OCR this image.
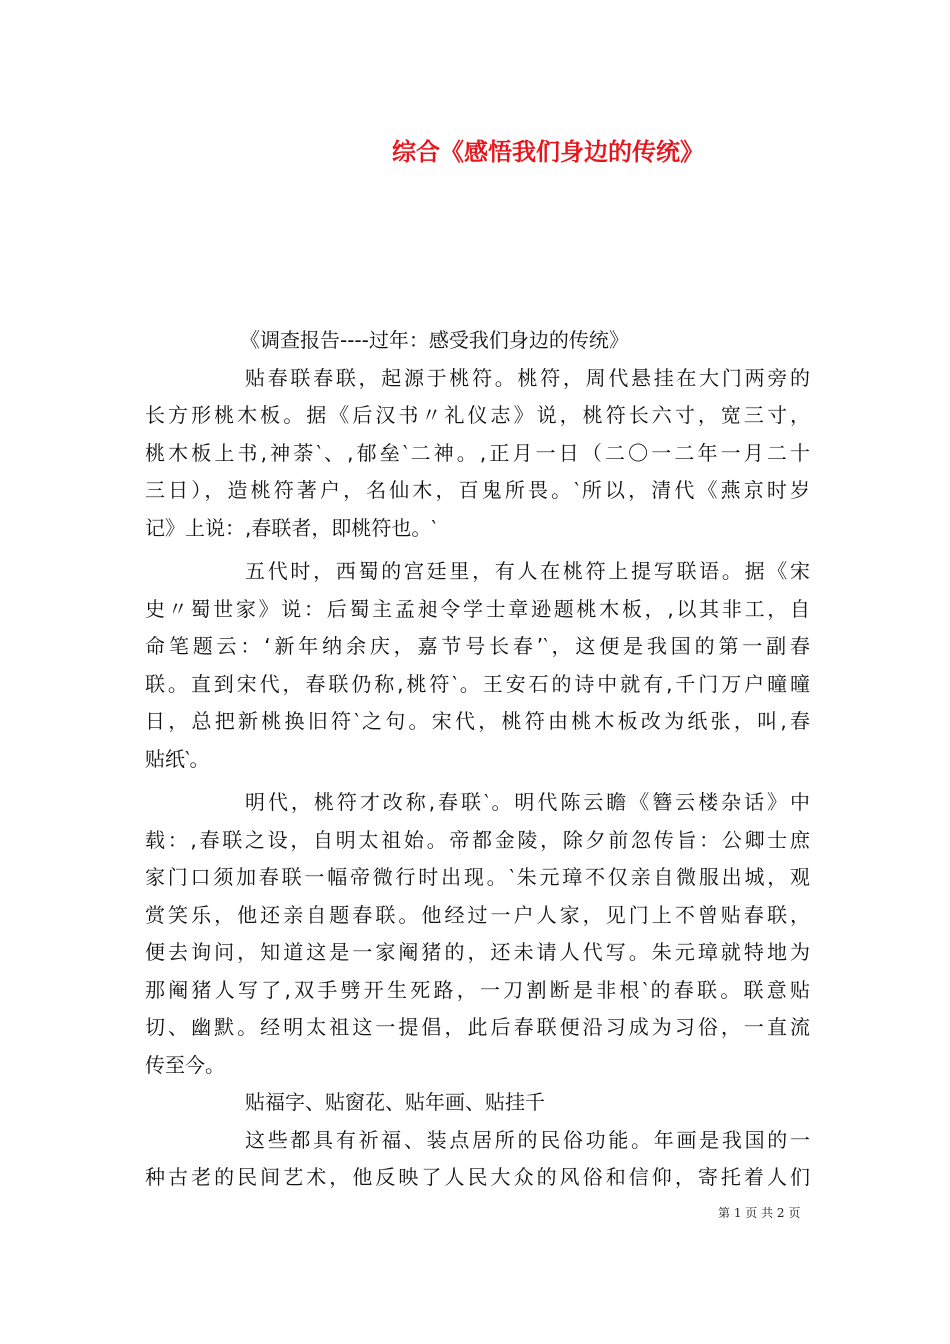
综合《感悟我们身边的传统》
《调查报告----过年：感受我们身边的传统》
贴春联春联，起源于桃符。桃符，周代悬挂在大门两旁的
长方形桃木板。据《后汉书〃礼仪志》说，桃符长六寸，宽三寸，
桃木板上书,神荼‵、,郁垒‵二神。,正月一日（二〇一二年一月二十
三日），造桃符著户，名仙木，百鬼所畏。‵所以，清代《燕京时岁
记》上说：,春联者，即桃符也。‵
五代时，西蜀的宫廷里，有人在桃符上提写联语。据《宋
史〃蜀世家》说：后蜀主孟昶令学士章逊题桃木板，,以其非工，自
命笔题云：‘新年纳余庆，嘉节号长春’‵，这便是我国的第一副春
联。直到宋代，春联仍称,桃符‵。王安石的诗中就有,千门万户曈曈
日，总把新桃换旧符‵之句。宋代，桃符由桃木板改为纸张，叫,春
贴纸‵。
明代，桃符才改称,春联‵。明代陈云瞻《簪云楼杂话》中
载：,春联之设，自明太祖始。帝都金陵，除夕前忽传旨：公卿士庶
家门口须加春联一幅帝微行时出现。‵朱元璋不仅亲自微服出城，观
赏笑乐，他还亲自题春联。他经过一户人家，见门上不曾贴春联，
便去询问，知道这是一家阉猪的，还未请人代写。朱元璋就特地为
那阉猪人写了,双手劈开生死路，一刀割断是非根‵的春联。联意贴
切、幽默。经明太祖这一提倡，此后春联便沿习成为习俗，一直流
传至今。
贴福字、贴窗花、贴年画、贴挂千
这些都具有祈福、装点居所的民俗功能。年画是我国的一
种古老的民间艺术，他反映了人民大众的风俗和信仰，寄托着人们
第 1 页 共 2 页
